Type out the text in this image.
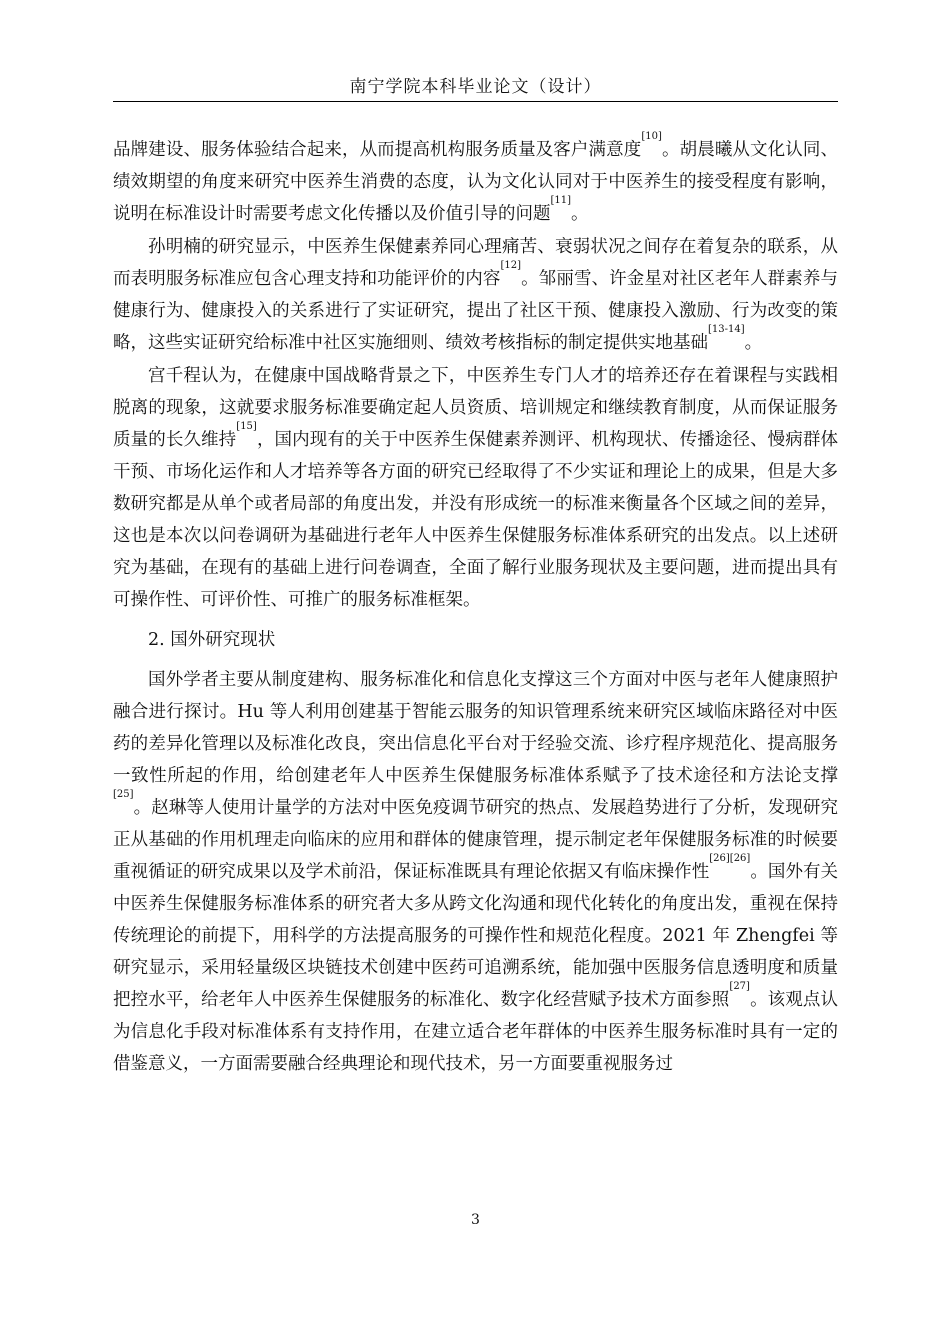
南宁学院本科毕业论文（设计）

品牌建设、服务体验结合起来，从而提高机构服务质量及客户满意度[10]。胡晨曦从文化认同、绩效期望的角度来研究中医养生消费的态度，认为文化认同对于中医养生的接受程度有影响，说明在标准设计时需要考虑文化传播以及价值引导的问题[11]。

孙明楠的研究显示，中医养生保健素养同心理痛苦、衰弱状况之间存在着复杂的联系，从而表明服务标准应包含心理支持和功能评价的内容[12]。邹丽雪、许金星对社区老年人群素养与健康行为、健康投入的关系进行了实证研究，提出了社区干预、健康投入激励、行为改变的策略，这些实证研究给标准中社区实施细则、绩效考核指标的制定提供实地基础[13-14]。

宫千程认为，在健康中国战略背景之下，中医养生专门人才的培养还存在着课程与实践相脱离的现象，这就要求服务标准要确定起人员资质、培训规定和继续教育制度，从而保证服务质量的长久维持[15]，国内现有的关于中医养生保健素养测评、机构现状、传播途径、慢病群体干预、市场化运作和人才培养等各方面的研究已经取得了不少实证和理论上的成果，但是大多数研究都是从单个或者局部的角度出发，并没有形成统一的标准来衡量各个区域之间的差异，这也是本次以问卷调研为基础进行老年人中医养生保健服务标准体系研究的出发点。以上述研究为基础，在现有的基础上进行问卷调查，全面了解行业服务现状及主要问题，进而提出具有可操作性、可评价性、可推广的服务标准框架。

2. 国外研究现状

国外学者主要从制度建构、服务标准化和信息化支撑这三个方面对中医与老年人健康照护融合进行探讨。Hu 等人利用创建基于智能云服务的知识管理系统来研究区域临床路径对中医药的差异化管理以及标准化改良，突出信息化平台对于经验交流、诊疗程序规范化、提高服务一致性所起的作用，给创建老年人中医养生保健服务标准体系赋予了技术途径和方法论支撑[25]。赵琳等人使用计量学的方法对中医免疫调节研究的热点、发展趋势进行了分析，发现研究正从基础的作用机理走向临床的应用和群体的健康管理，提示制定老年保健服务标准的时候要重视循证的研究成果以及学术前沿，保证标准既具有理论依据又有临床操作性[26][26]。国外有关中医养生保健服务标准体系的研究者大多从跨文化沟通和现代化转化的角度出发，重视在保持传统理论的前提下，用科学的方法提高服务的可操作性和规范化程度。2021 年 Zhengfei 等研究显示，采用轻量级区块链技术创建中医药可追溯系统，能加强中医服务信息透明度和质量把控水平，给老年人中医养生保健服务的标准化、数字化经营赋予技术方面参照[27]。该观点认为信息化手段对标准体系有支持作用，在建立适合老年群体的中医养生服务标准时具有一定的借鉴意义，一方面需要融合经典理论和现代技术，另一方面要重视服务过

3
